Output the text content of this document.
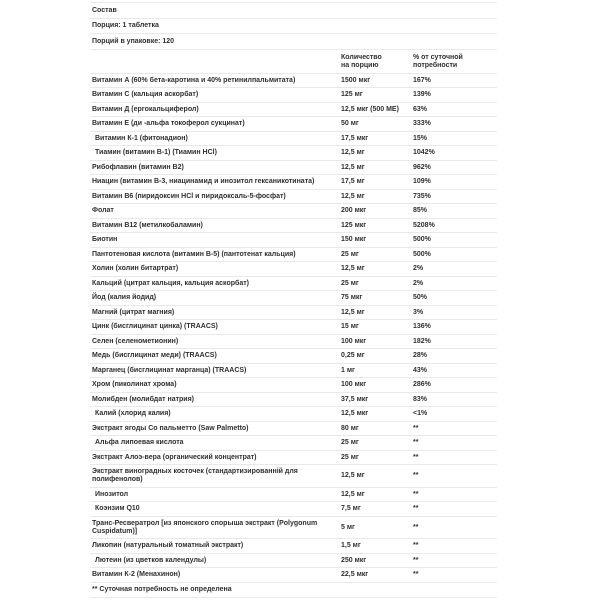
Состав
Порция: 1 таблетка
Порций в упаковке: 120
Количество на порцию
% от суточной потребности
Витамин А (60% бета-каротина и 40% ретинилпальмитата)	1500 мкг	167%
Витамин С (кальция аскорбат)	125 мг	139%
Витамин Д (ергокальциферол)	12,5 мкг (500 МЕ)	63%
Витамин Е (ди -альфа токоферол сукцинат)	50 мг	333%
Витамин К-1 (фитонадион)	17,5 мкг	15%
Тиамин (витамин В-1) (Тиамин HCl)	12,5 мг	1042%
Рибофлавин (витамин В2)	12,5 мг	962%
Ниацин (витамин В-3, ниацинамид и инозитол гексаникотината)	17,5 мг	109%
Витамин В6 (пиридоксин HCl и пиридоксаль-5-фосфат)	12,5 мг	735%
Фолат	200 мкг	85%
Витамин В12 (метилкобаламин)	125 мкг	5208%
Биотин	150 мкг	500%
Пантотеновая кислота (витамин В-5) (пантотенат кальция)	25 мг	500%
Холин (холин битартрат)	12,5 мг	2%
Кальций (цитрат кальция, кальция аскорбат)	25 мг	2%
Йод (калия йодид)	75 мкг	50%
Магний (цитрат магния)	12,5 мг	3%
Цинк (бисглицинат цинка) (TRAACS)	15 мг	136%
Селен (селенометионин)	100 мкг	182%
Медь (бисглицинат меди) (TRAACS)	0,25 мг	28%
Марганец (бисглицинат марганца) (TRAACS)	1 мг	43%
Хром (пиколинат хрома)	100 мкг	286%
Молибден (молибдат натрия)	37,5 мкг	83%
Калий (хлорид калия)	12,5 мкг	<1%
Экстракт ягоды Со пальметто (Saw Palmetto)	80 мг	**
Альфа липоевая кислота	25 мг	**
Экстракт Алоэ-вера (органический концентрат)	25 мг	**
Экстракт виноградных косточек (стандартизированній для полифенолов)
12,5 мг	**
Инозитол	12,5 мг	**
Коэнзим Q10	7,5 мг	**
Транс-Ресвератрол [из японского спорыша экстракт (Polygonum Cuspidatum)]
5 мг	**
Ликопин (натуральный томатный экстракт)	1,5 мг	**
Лютеин (из цветков календулы)	250 мкг	**
Витамин К-2 (Менахинон)	22,5 мкг	**
** Суточная потребность не определена
